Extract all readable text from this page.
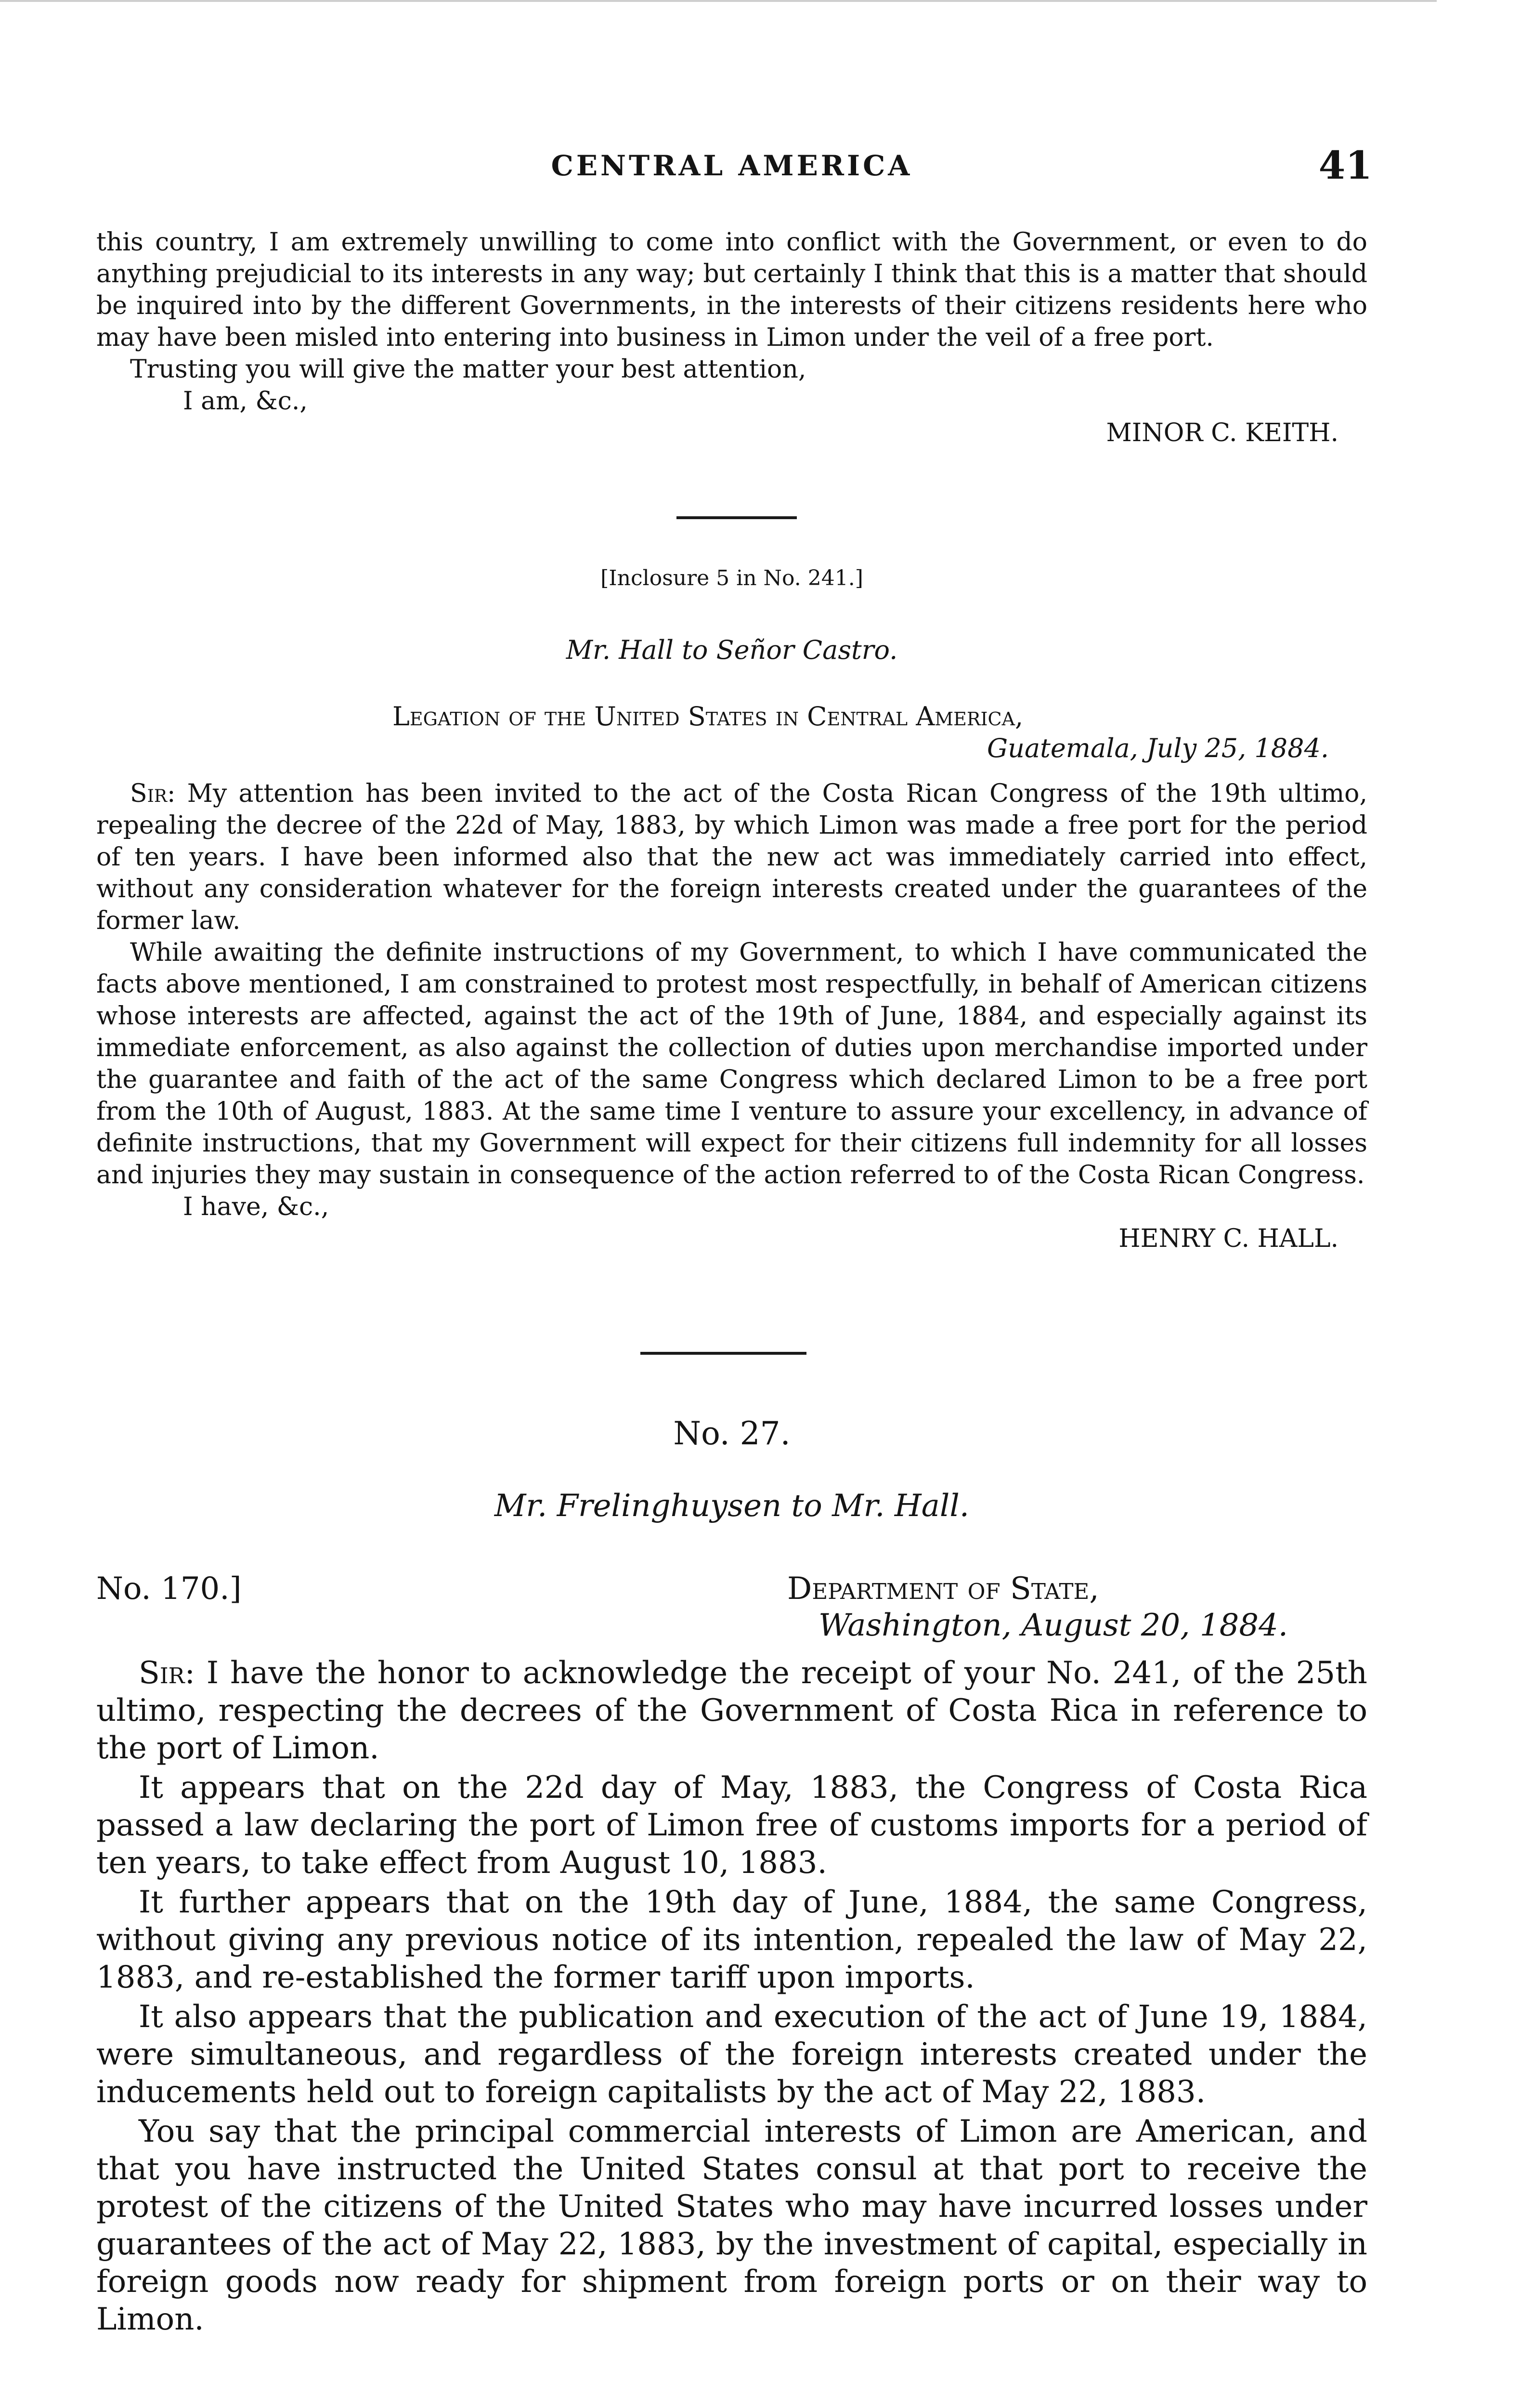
CENTRAL AMERICA	41

this country, I am extremely unwilling to come into conflict with the Government, or even to do anything prejudicial to its interests in any way; but certainly I think that this is a matter that should be inquired into by the different Governments, in the interests of their citizens residents here who may have been misled into entering into business in Limon under the veil of a free port.

Trusting you will give the matter your best attention,

I am, &c.,
MINOR C. KEITH.
[Inclosure 5 in No. 241.]
Mr. Hall to Señor Castro.
Legation of the United States in Central America,
Guatemala, July 25, 1884.

Sir: My attention has been invited to the act of the Costa Rican Congress of the 19th ultimo, repealing the decree of the 22d of May, 1883, by which Limon was made a free port for the period of ten years. I have been informed also that the new act was immediately carried into effect, without any consideration whatever for the foreign interests created under the guarantees of the former law.

While awaiting the definite instructions of my Government, to which I have communicated the facts above mentioned, I am constrained to protest most respectfully, in behalf of American citizens whose interests are affected, against the act of the 19th of June, 1884, and especially against its immediate enforcement, as also against the collection of duties upon merchandise imported under the guarantee and faith of the act of the same Congress which declared Limon to be a free port from the 10th of August, 1883. At the same time I venture to assure your excellency, in advance of definite instructions, that my Government will expect for their citizens full indemnity for all losses and injuries they may sustain in consequence of the action referred to of the Costa Rican Congress.

I have, &c.,
HENRY C. HALL.
No. 27.
Mr. Frelinghuysen to Mr. Hall.
No. 170.]	Department of State,
Washington, August 20, 1884.

Sir: I have the honor to acknowledge the receipt of your No. 241, of the 25th ultimo, respecting the decrees of the Government of Costa Rica in reference to the port of Limon.

It appears that on the 22d day of May, 1883, the Congress of Costa Rica passed a law declaring the port of Limon free of customs imports for a period of ten years, to take effect from August 10, 1883.

It further appears that on the 19th day of June, 1884, the same Congress, without giving any previous notice of its intention, repealed the law of May 22, 1883, and re-established the former tariff upon imports.

It also appears that the publication and execution of the act of June 19, 1884, were simultaneous, and regardless of the foreign interests created under the inducements held out to foreign capitalists by the act of May 22, 1883.

You say that the principal commercial interests of Limon are American, and that you have instructed the United States consul at that port to receive the protest of the citizens of the United States who may have incurred losses under guarantees of the act of May 22, 1883, by the investment of capital, especially in foreign goods now ready for shipment from foreign ports or on their way to Limon.
